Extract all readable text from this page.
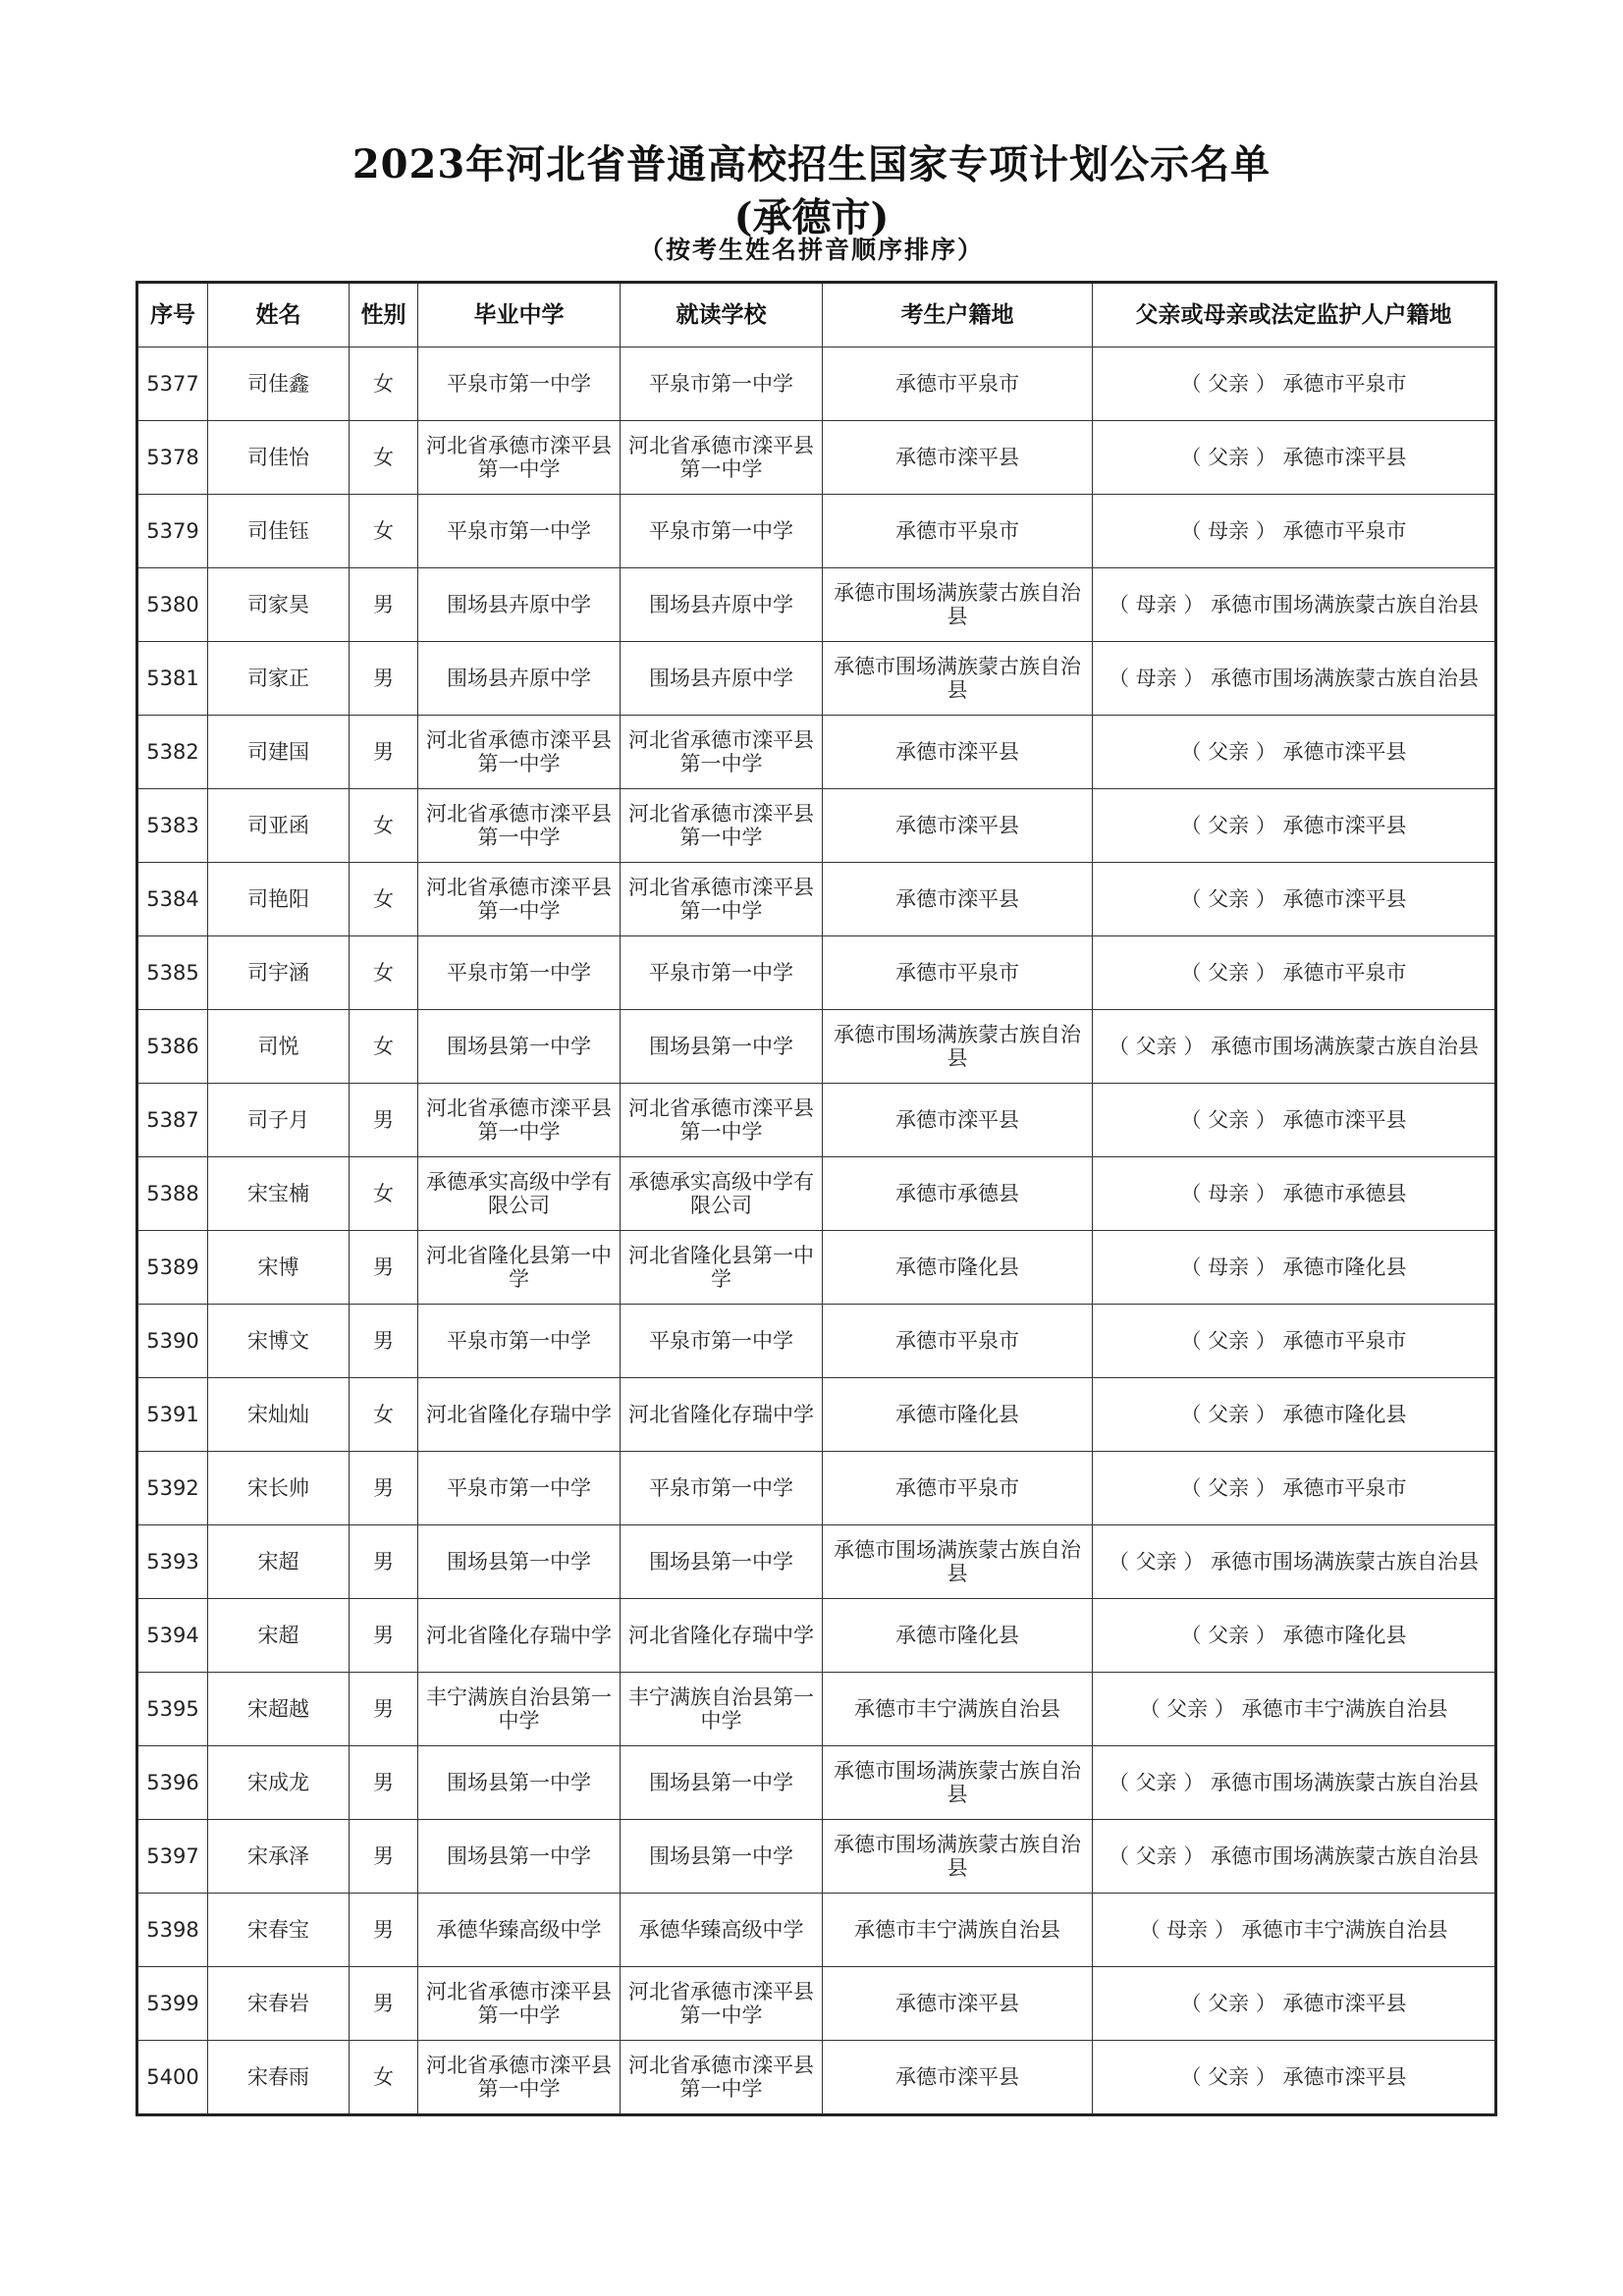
2023年河北省普通高校招生国家专项计划公示名单
(承德市)
（按考生姓名拼音顺序排序）
序号	姓名	性别	毕业中学	就读学校	考生户籍地	父亲或母亲或法定监护人户籍地
5377	司佳鑫	女	平泉市第一中学	平泉市第一中学	承德市平泉市	（ 父亲 ） 承德市平泉市
5378	司佳怡	女	河北省承德市滦平县第一中学	河北省承德市滦平县第一中学	承德市滦平县	（ 父亲 ） 承德市滦平县
5379	司佳钰	女	平泉市第一中学	平泉市第一中学	承德市平泉市	（ 母亲 ） 承德市平泉市
5380	司家昊	男	围场县卉原中学	围场县卉原中学	承德市围场满族蒙古族自治县	（ 母亲 ） 承德市围场满族蒙古族自治县
5381	司家正	男	围场县卉原中学	围场县卉原中学	承德市围场满族蒙古族自治县	（ 母亲 ） 承德市围场满族蒙古族自治县
5382	司建国	男	河北省承德市滦平县第一中学	河北省承德市滦平县第一中学	承德市滦平县	（ 父亲 ） 承德市滦平县
5383	司亚函	女	河北省承德市滦平县第一中学	河北省承德市滦平县第一中学	承德市滦平县	（ 父亲 ） 承德市滦平县
5384	司艳阳	女	河北省承德市滦平县第一中学	河北省承德市滦平县第一中学	承德市滦平县	（ 父亲 ） 承德市滦平县
5385	司宇涵	女	平泉市第一中学	平泉市第一中学	承德市平泉市	（ 父亲 ） 承德市平泉市
5386	司悦	女	围场县第一中学	围场县第一中学	承德市围场满族蒙古族自治县	（ 父亲 ） 承德市围场满族蒙古族自治县
5387	司子月	男	河北省承德市滦平县第一中学	河北省承德市滦平县第一中学	承德市滦平县	（ 父亲 ） 承德市滦平县
5388	宋宝楠	女	承德承实高级中学有限公司	承德承实高级中学有限公司	承德市承德县	（ 母亲 ） 承德市承德县
5389	宋博	男	河北省隆化县第一中学	河北省隆化县第一中学	承德市隆化县	（ 母亲 ） 承德市隆化县
5390	宋博文	男	平泉市第一中学	平泉市第一中学	承德市平泉市	（ 父亲 ） 承德市平泉市
5391	宋灿灿	女	河北省隆化存瑞中学	河北省隆化存瑞中学	承德市隆化县	（ 父亲 ） 承德市隆化县
5392	宋长帅	男	平泉市第一中学	平泉市第一中学	承德市平泉市	（ 父亲 ） 承德市平泉市
5393	宋超	男	围场县第一中学	围场县第一中学	承德市围场满族蒙古族自治县	（ 父亲 ） 承德市围场满族蒙古族自治县
5394	宋超	男	河北省隆化存瑞中学	河北省隆化存瑞中学	承德市隆化县	（ 父亲 ） 承德市隆化县
5395	宋超越	男	丰宁满族自治县第一中学	丰宁满族自治县第一中学	承德市丰宁满族自治县	（ 父亲 ） 承德市丰宁满族自治县
5396	宋成龙	男	围场县第一中学	围场县第一中学	承德市围场满族蒙古族自治县	（ 父亲 ） 承德市围场满族蒙古族自治县
5397	宋承泽	男	围场县第一中学	围场县第一中学	承德市围场满族蒙古族自治县	（ 父亲 ） 承德市围场满族蒙古族自治县
5398	宋春宝	男	承德华臻高级中学	承德华臻高级中学	承德市丰宁满族自治县	（ 母亲 ） 承德市丰宁满族自治县
5399	宋春岩	男	河北省承德市滦平县第一中学	河北省承德市滦平县第一中学	承德市滦平县	（ 父亲 ） 承德市滦平县
5400	宋春雨	女	河北省承德市滦平县第一中学	河北省承德市滦平县第一中学	承德市滦平县	（ 父亲 ） 承德市滦平县
